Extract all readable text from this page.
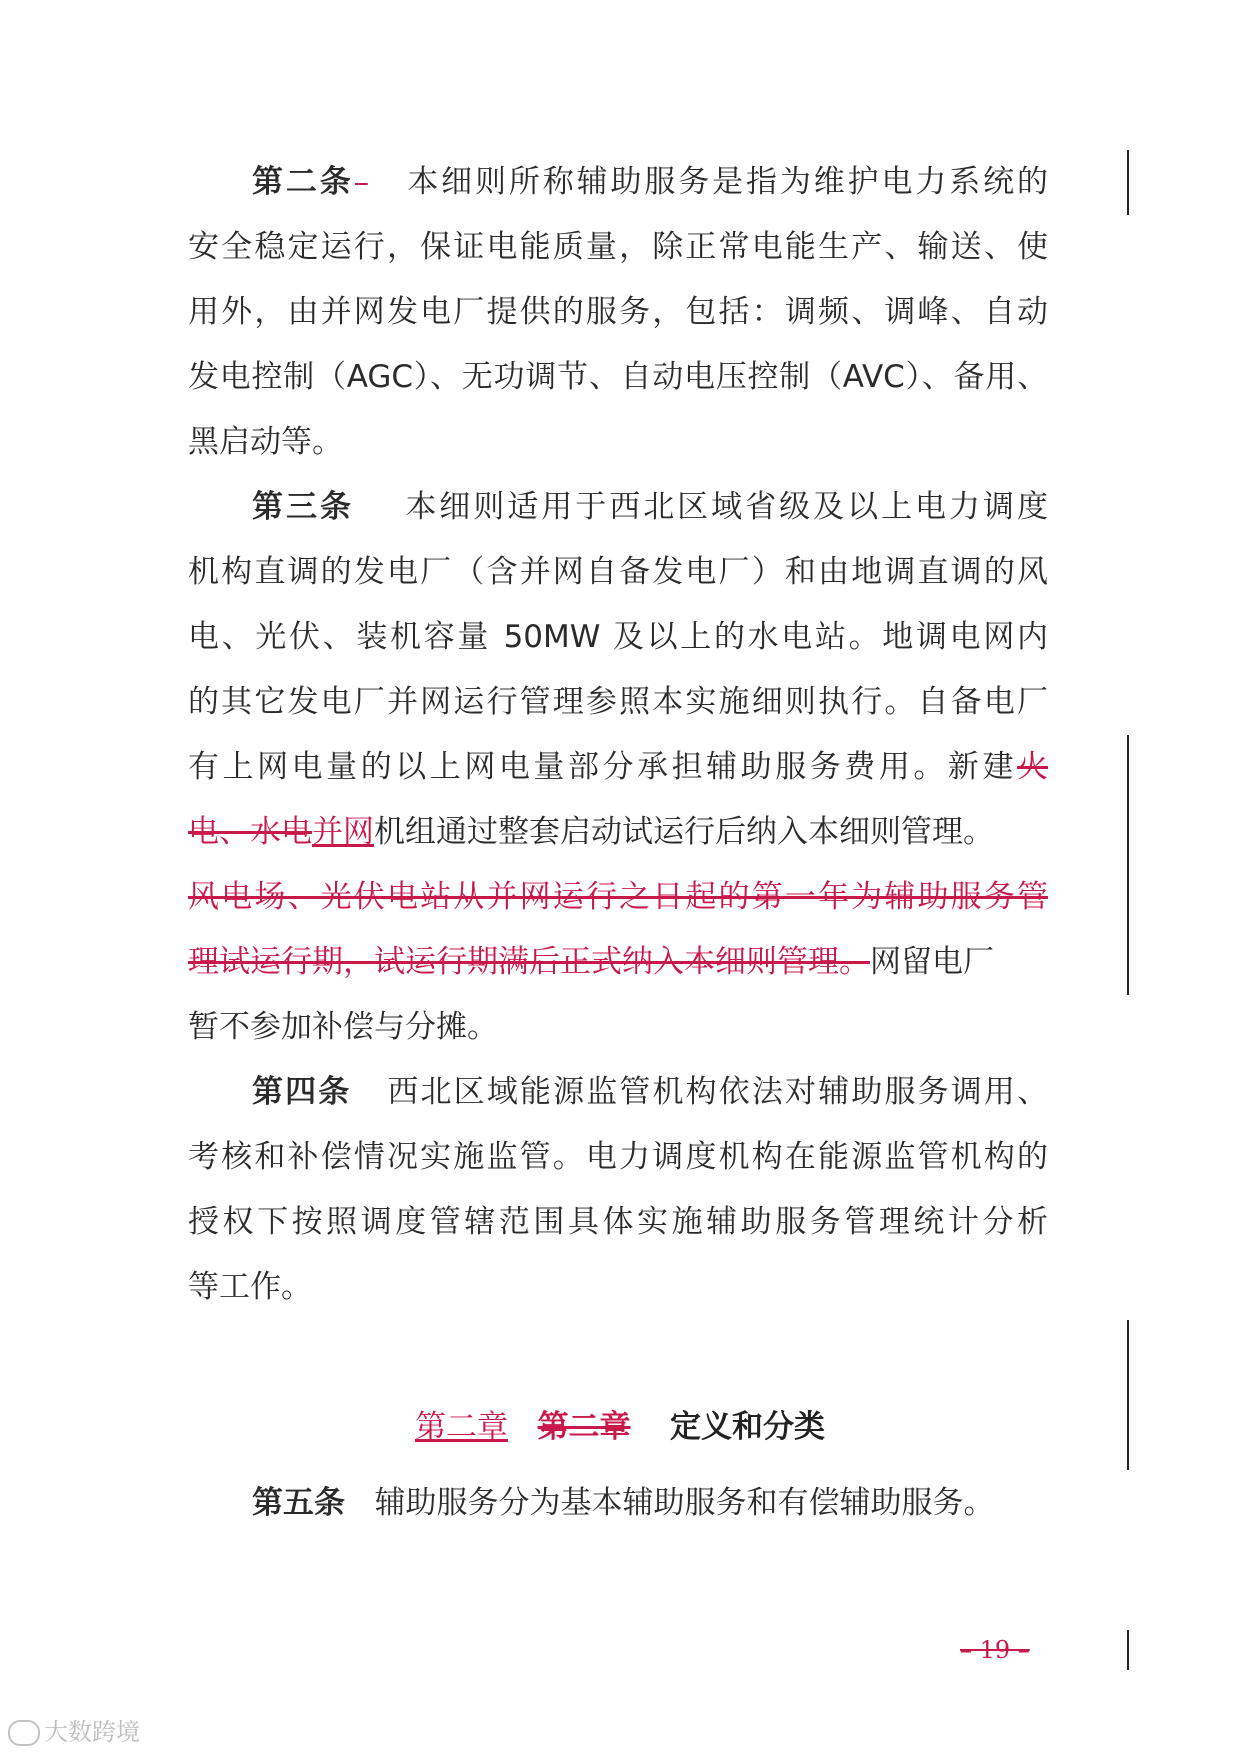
第二条– 本细则所称辅助服务是指为维护电力系统的
安全稳定运行，保证电能质量，除正常电能生产、输送、使
用外，由并网发电厂提供的服务，包括：调频、调峰、自动
发电控制（AGC）、无功调节、自动电压控制（AVC）、备用、
黑启动等。
第三条 本细则适用于西北区域省级及以上电力调度
机构直调的发电厂（含并网自备发电厂）和由地调直调的风
电、光伏、装机容量 50MW 及以上的水电站。地调电网内
的其它发电厂并网运行管理参照本实施细则执行。自备电厂
有上网电量的以上网电量部分承担辅助服务费用。新建火
电、水电并网机组通过整套启动试运行后纳入本细则管理。
风电场、光伏电站从并网运行之日起的第一年为辅助服务管
理试运行期，试运行期满后正式纳入本细则管理。网留电厂
暂不参加补偿与分摊。
第四条 西北区域能源监管机构依法对辅助服务调用、
考核和补偿情况实施监管。电力调度机构在能源监管机构的
授权下按照调度管辖范围具体实施辅助服务管理统计分析
等工作。
第二章 第二章 定义和分类
第五条 辅助服务分为基本辅助服务和有偿辅助服务。
– 19 –
大数跨境
